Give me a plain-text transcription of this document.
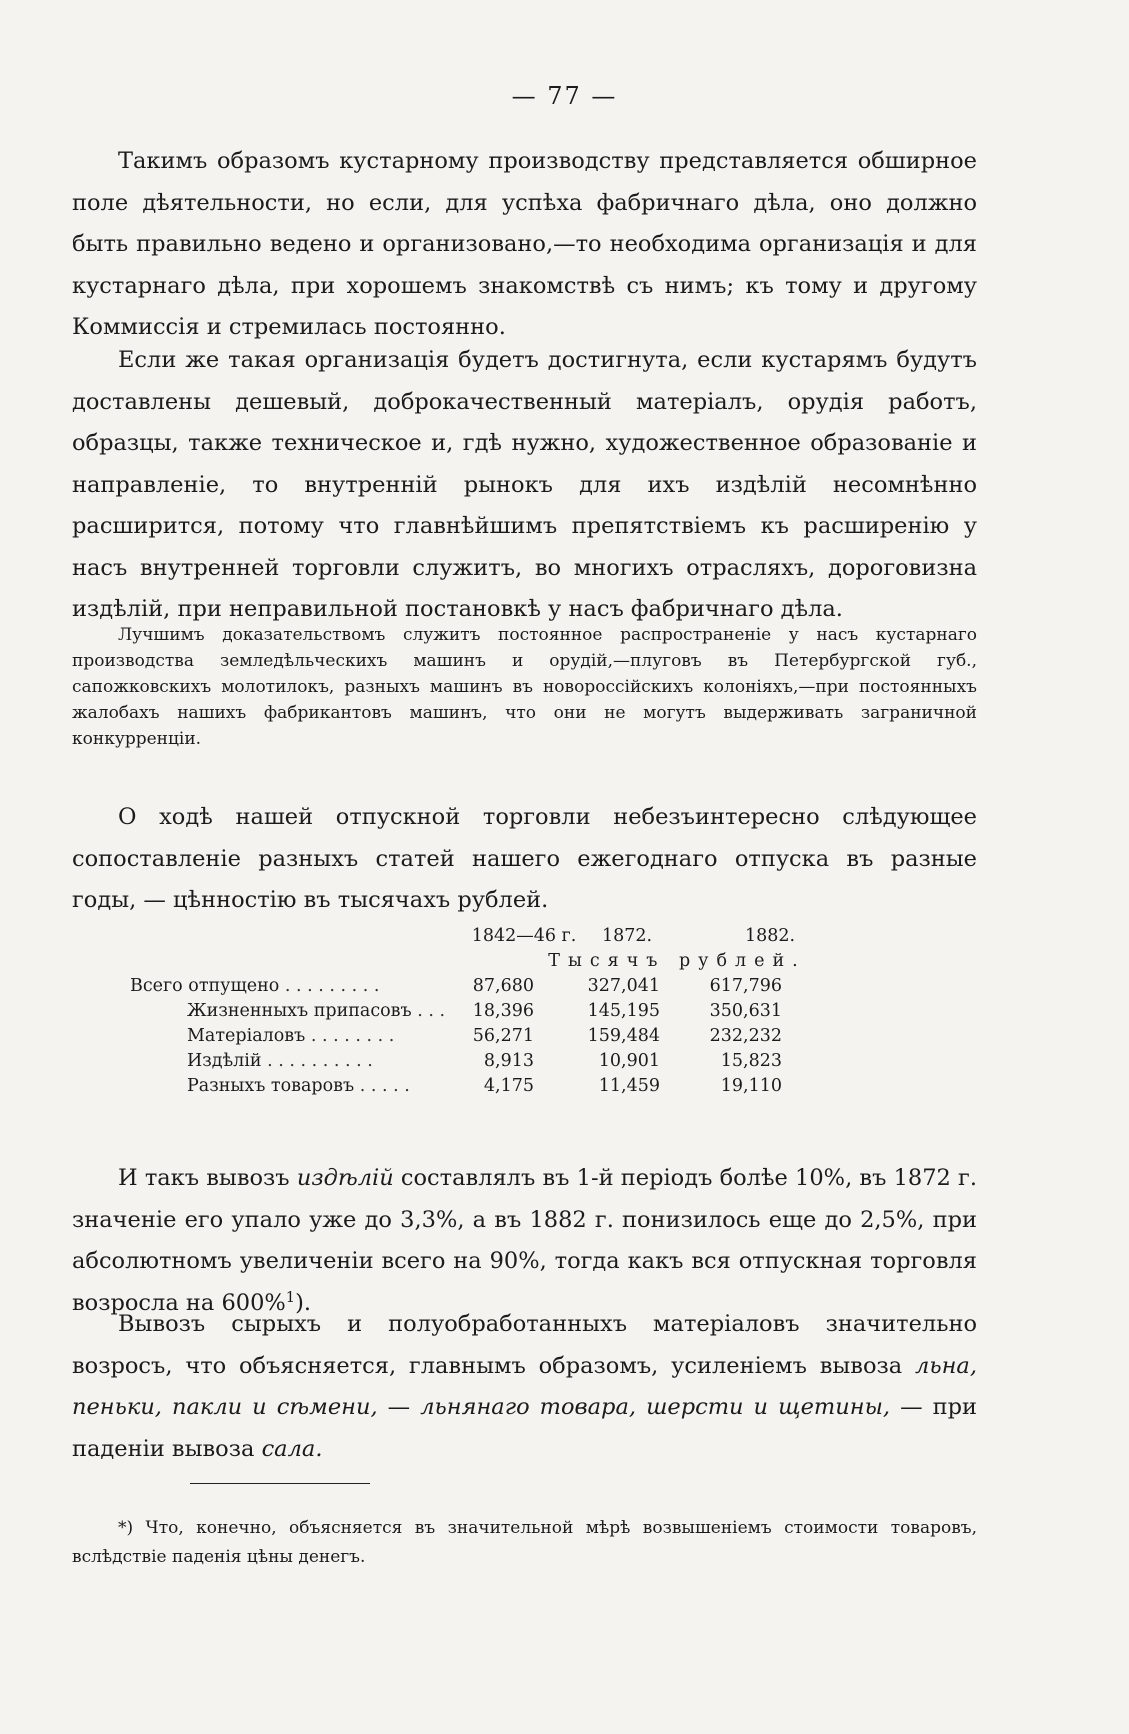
— 77 —

Такимъ образомъ кустарному производству представляется обширное поле дѣятельности, но если, для успѣха фабричнаго дѣла, оно должно быть правильно ведено и организовано,—то необходима организація и для кустарнаго дѣла, при хорошемъ знакомствѣ съ нимъ; къ тому и другому Коммиссія и стремилась постоянно.

Если же такая организація будетъ достигнута, если кустарямъ будутъ доставлены дешевый, доброкачественный матеріалъ, орудія работъ, образцы, также техническое и, гдѣ нужно, художественное образованіе и направленіе, то внутренній рынокъ для ихъ издѣлій несомнѣнно расширится, потому что главнѣйшимъ препятствіемъ къ расширенію у насъ внутренней торговли служитъ, во многихъ отрасляхъ, дороговизна издѣлій, при неправильной постановкѣ у насъ фабричнаго дѣла.

Лучшимъ доказательствомъ служитъ постоянное распространеніе у насъ кустарнаго производства земледѣльческихъ машинъ и орудій,—плуговъ въ Петербургской губ., сапожковскихъ молотилокъ, разныхъ машинъ въ новороссійскихъ колоніяхъ,—при постоянныхъ жалобахъ нашихъ фабрикантовъ машинъ, что они не могутъ выдерживать заграничной конкурренціи.

О ходѣ нашей отпускной торговли небезъинтересно слѣдующее сопоставленіе разныхъ статей нашего ежегоднаго отпуска въ разные годы, — цѣнностію въ тысячахъ рублей.

1842—46 г.	1872.	1882.
Тысячъ рублей.
Всего отпущено . . . . . . . . .	87,680	327,041	617,796
Жизненныхъ припасовъ . . .	18,396	145,195	350,631
Матеріаловъ . . . . . . . .	56,271	159,484	232,232
Издѣлій . . . . . . . . . .	8,913	10,901	15,823
Разныхъ товаровъ . . . . .	4,175	11,459	19,110

И такъ вывозъ издѣлій составлялъ въ 1-й періодъ болѣе 10%, въ 1872 г. значеніе его упало уже до 3,3%, а въ 1882 г. понизилось еще до 2,5%, при абсолютномъ увеличеніи всего на 90%, тогда какъ вся отпускная торговля возросла на 600%$^1$).

Вывозъ сырыхъ и полуобработанныхъ матеріаловъ значительно возросъ, что объясняется, главнымъ образомъ, усиленіемъ вывоза льна, пеньки, пакли и сѣмени, — льнянаго товара, шерсти и щетины, — при паденіи вывоза сала.

*) Что, конечно, объясняется въ значительной мѣрѣ возвышеніемъ стоимости товаровъ, вслѣдствіе паденія цѣны денегъ.
